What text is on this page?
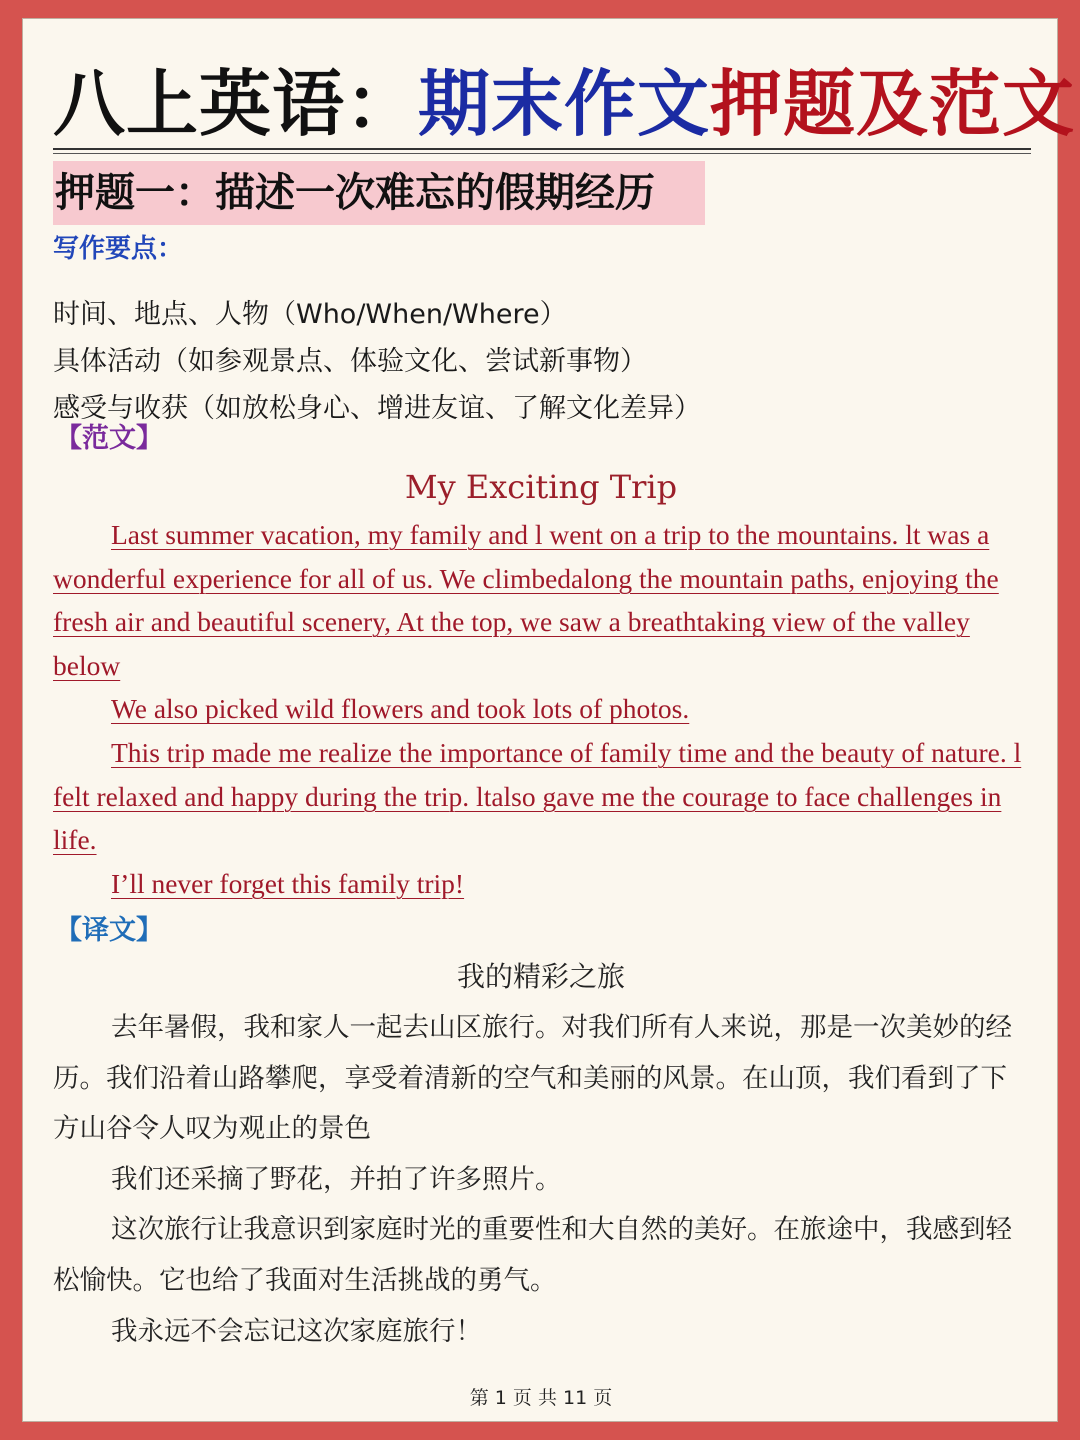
八上英语：期末作文押题及范文
押题一：描述一次难忘的假期经历
写作要点：
时间、地点、人物（Who/When/Where）
具体活动（如参观景点、体验文化、尝试新事物）
感受与收获（如放松身心、增进友谊、了解文化差异）
【范文】
My Exciting Trip

Last summer vacation, my family and l went on a trip to the mountains. lt was a wonderful experience for all of us. We climbedalong the mountain paths, enjoying the fresh air and beautiful scenery, At the top, we saw a breathtaking view of the valley below

We also picked wild flowers and took lots of photos.

This trip made me realize the importance of family time and the beauty of nature. l felt relaxed and happy during the trip. ltalso gave me the courage to face challenges in life.

I’ll never forget this family trip!

【译文】
我的精彩之旅

去年暑假，我和家人一起去山区旅行。对我们所有人来说，那是一次美妙的经历。我们沿着山路攀爬，享受着清新的空气和美丽的风景。在山顶，我们看到了下方山谷令人叹为观止的景色

我们还采摘了野花，并拍了许多照片。

这次旅行让我意识到家庭时光的重要性和大自然的美好。在旅途中，我感到轻松愉快。它也给了我面对生活挑战的勇气。

我永远不会忘记这次家庭旅行！

第 1 页 共 11 页
